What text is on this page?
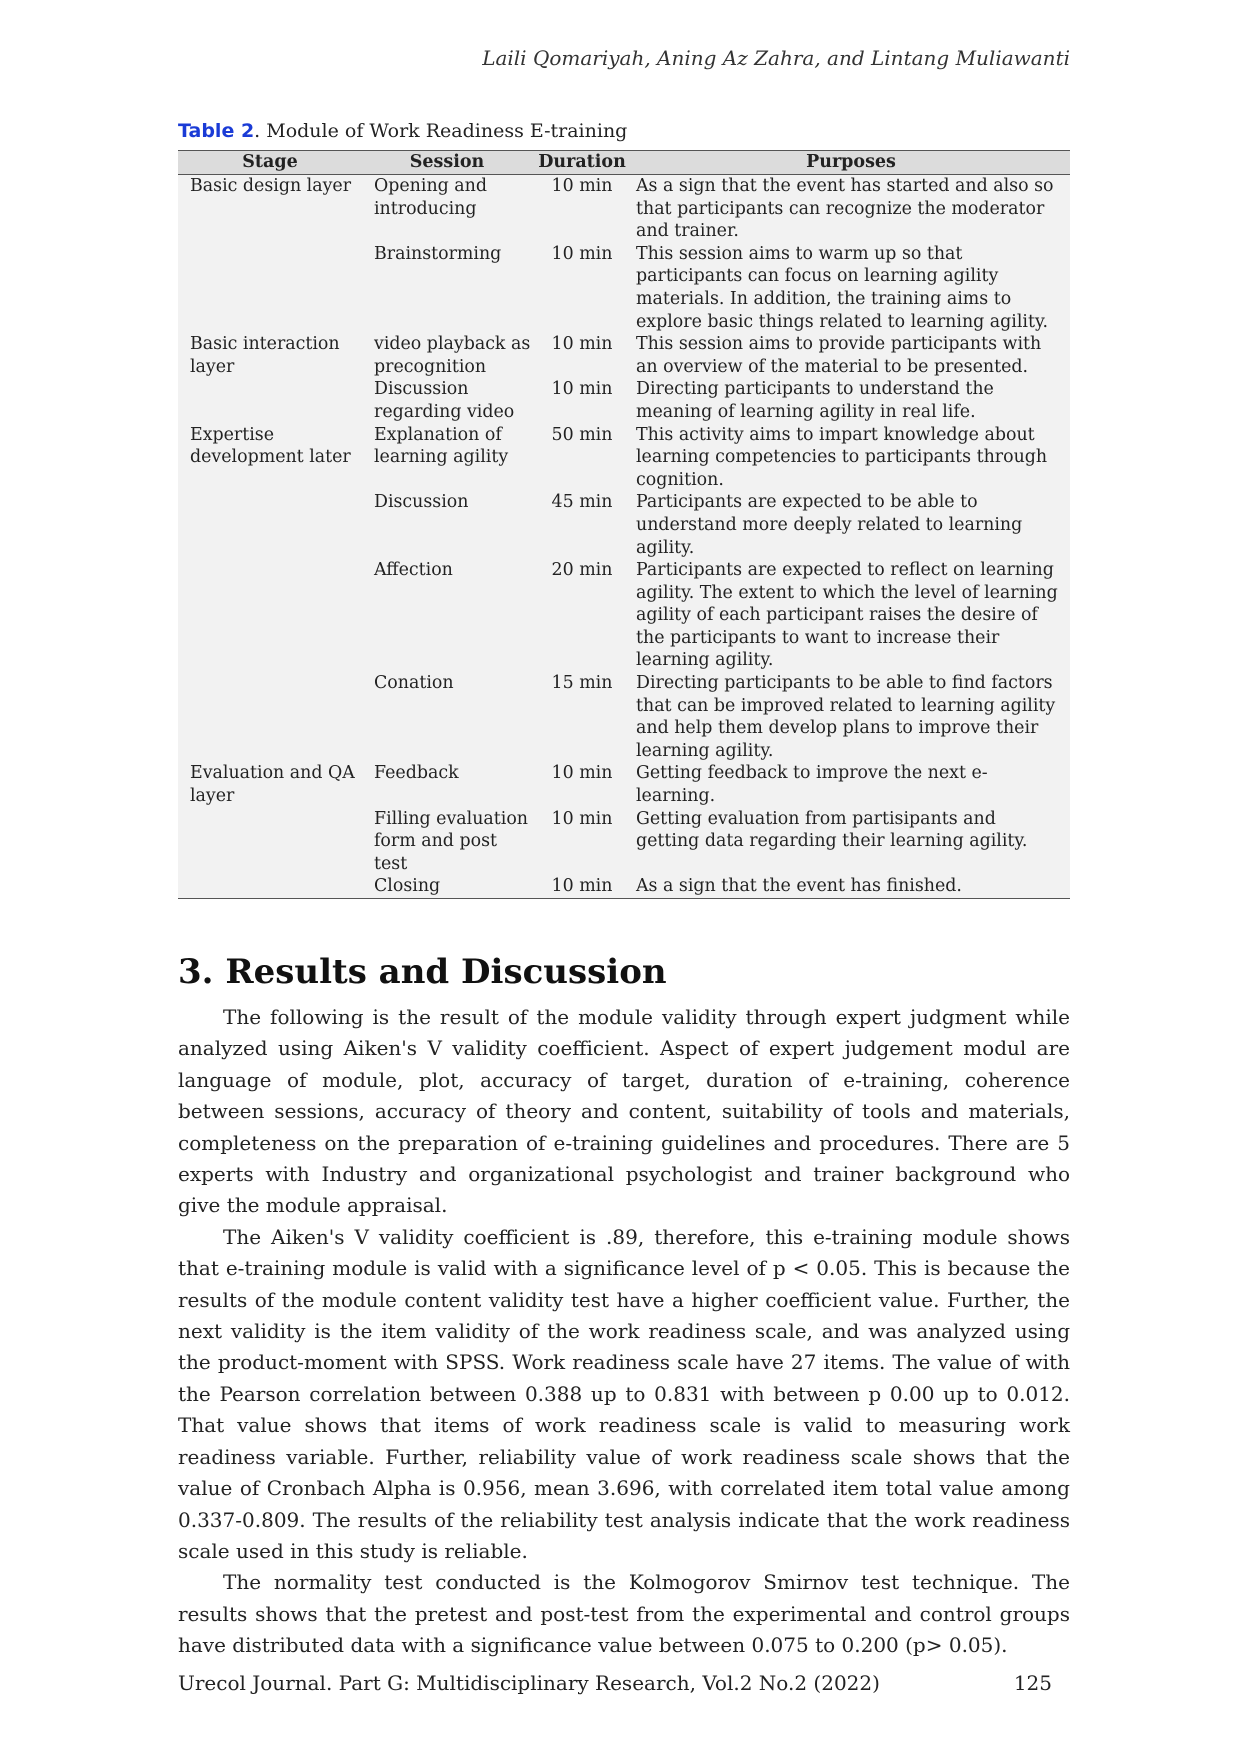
Laili Qomariyah, Aning Az Zahra, and Lintang Muliawanti
Table 2. Module of Work Readiness E-training
Stage	Session	Duration	Purposes
Basic design layer	Opening and introducing	10 min	As a sign that the event has started and also so that participants can recognize the moderator and trainer.
	Brainstorming	10 min	This session aims to warm up so that participants can focus on learning agility materials. In addition, the training aims to explore basic things related to learning agility.
Basic interaction layer	video playback as precognition	10 min	This session aims to provide participants with an overview of the material to be presented.
	Discussion regarding video	10 min	Directing participants to understand the meaning of learning agility in real life.
Expertise development later	Explanation of learning agility	50 min	This activity aims to impart knowledge about learning competencies to participants through cognition.
	Discussion	45 min	Participants are expected to be able to understand more deeply related to learning agility.
	Affection	20 min	Participants are expected to reflect on learning agility. The extent to which the level of learning agility of each participant raises the desire of the participants to want to increase their learning agility.
	Conation	15 min	Directing participants to be able to find factors that can be improved related to learning agility and help them develop plans to improve their learning agility.
Evaluation and QA layer	Feedback	10 min	Getting feedback to improve the next e-learning.
	Filling evaluation form and post test	10 min	Getting evaluation from partisipants and getting data regarding their learning agility.
	Closing	10 min	As a sign that the event has finished.
3. Results and Discussion

The following is the result of the module validity through expert judgment while analyzed using Aiken's V validity coefficient. Aspect of expert judgement modul are language of module, plot, accuracy of target, duration of e-training, coherence between sessions, accuracy of theory and content, suitability of tools and materials, completeness on the preparation of e-training guidelines and procedures. There are 5 experts with Industry and organizational psychologist and trainer background who give the module appraisal.

The Aiken's V validity coefficient is .89, therefore, this e-training module shows that e-training module is valid with a significance level of p < 0.05. This is because the results of the module content validity test have a higher coefficient value. Further, the next validity is the item validity of the work readiness scale, and was analyzed using the product-moment with SPSS. Work readiness scale have 27 items. The value of with the Pearson correlation between 0.388 up to 0.831 with between p 0.00 up to 0.012. That value shows that items of work readiness scale is valid to measuring work readiness variable. Further, reliability value of work readiness scale shows that the value of Cronbach Alpha is 0.956, mean 3.696, with correlated item total value among 0.337-0.809. The results of the reliability test analysis indicate that the work readiness scale used in this study is reliable.

The normality test conducted is the Kolmogorov Smirnov test technique. The results shows that the pretest and post-test from the experimental and control groups have distributed data with a significance value between 0.075 to 0.200 (p> 0.05).

Urecol Journal. Part G: Multidisciplinary Research, Vol.2 No.2 (2022)	125
